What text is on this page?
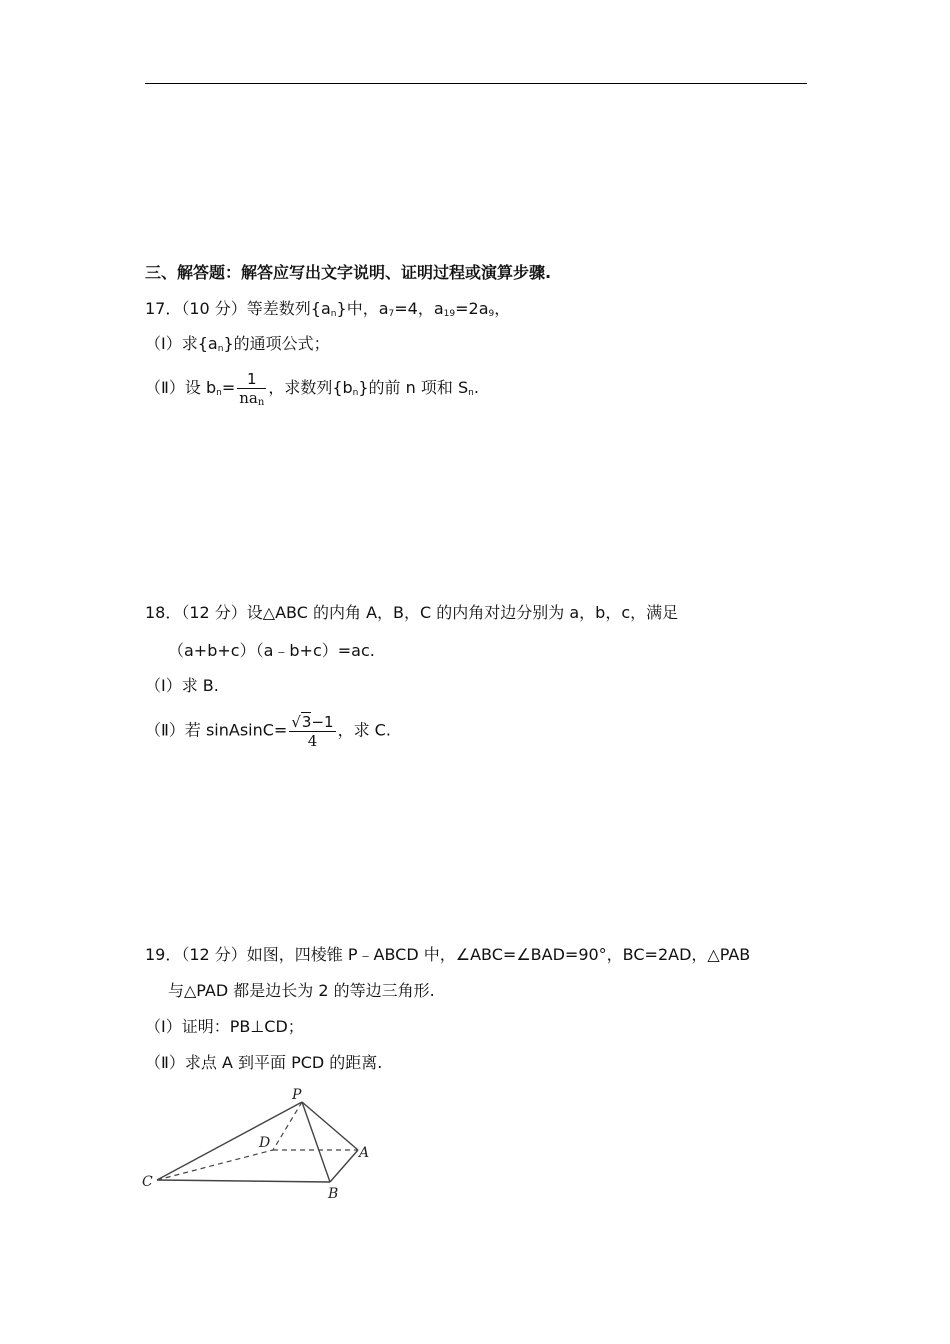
三、解答题：解答应写出文字说明、证明过程或演算步骤.
17．（10 分）等差数列$\{a_n\}$中，$a_7=4$，$a_{19}=2a_9$，
（Ⅰ）求$\{a_n\}$的通项公式；
（Ⅱ）设 $b_n= \frac{1}{na_n}$ ，求数列$\{b_n\}$的前 n 项和 $S_n$.
18．（12 分）设△ABC 的内角 A，B，C 的内角对边分别为 a，b，c，满足
（a+b+c）（a﹣b+c）=ac.
（Ⅰ）求 B.
（Ⅱ）若 sinAsinC= $\frac{√3-1}{4}$ ，求 C.
19．（12 分）如图，四棱锥 P﹣ABCD 中，∠ABC=∠BAD=90°，BC=2AD，△PAB
与△PAD 都是边长为 2 的等边三角形.
（Ⅰ）证明：PB⊥CD；
（Ⅱ）求点 A 到平面 PCD 的距离.
P
D
A
C
B
